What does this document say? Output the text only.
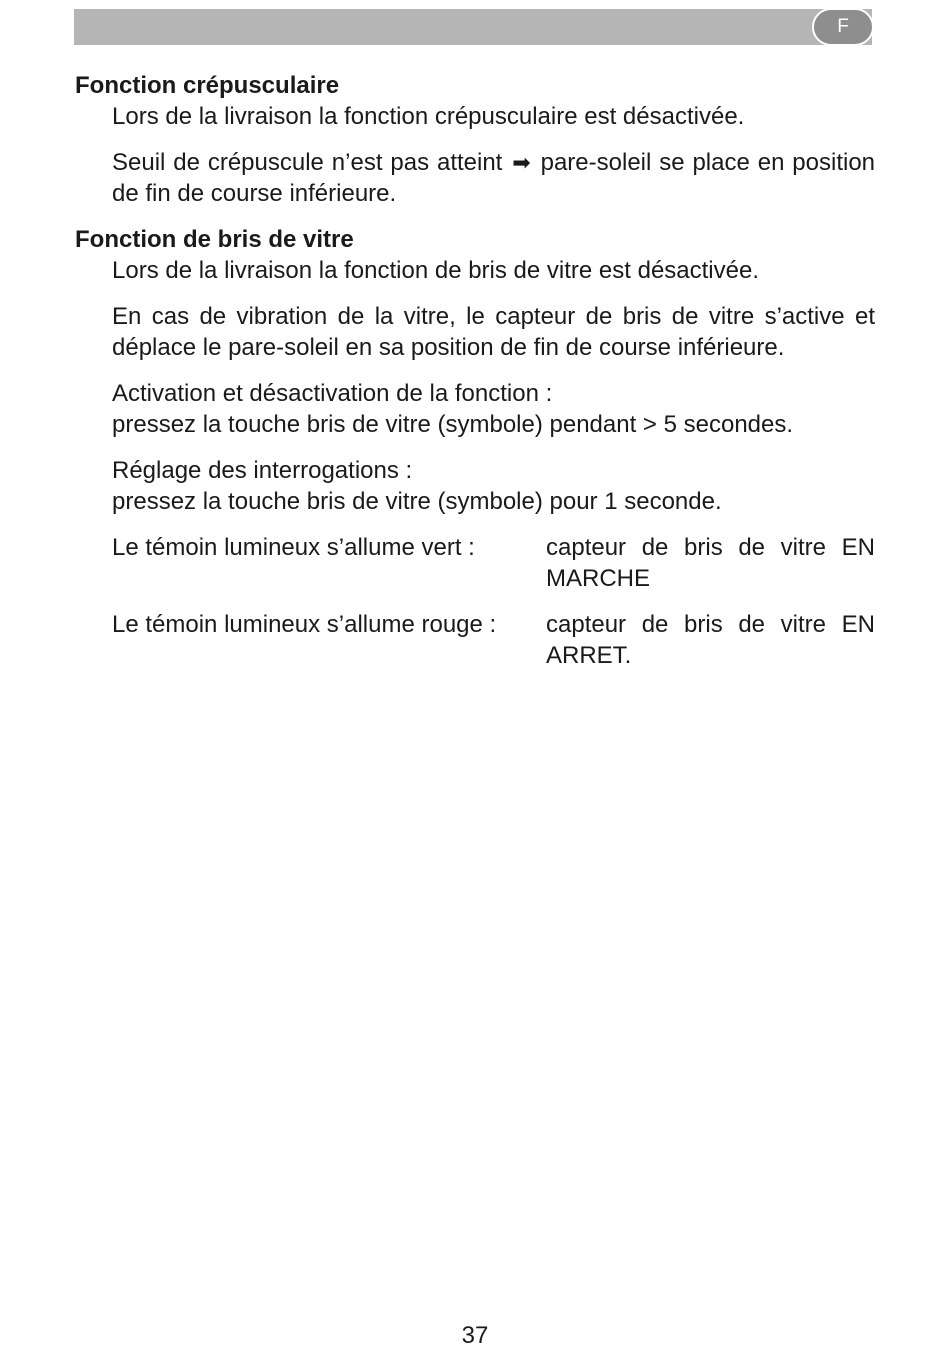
F

Fonction crépusculaire

Lors de la livraison la fonction crépusculaire est désactivée.

Seuil de crépuscule n’est pas atteint ➡ pare-soleil se place en position de fin de course inférieure.

Fonction de bris de vitre

Lors de la livraison la fonction de bris de vitre est désactivée.

En cas de vibration de la vitre, le capteur de bris de vitre s’active et déplace le pare-soleil en sa position de fin de course inférieure.

Activation et désactivation de la fonction :
pressez la touche bris de vitre (symbole) pendant > 5 secondes.

Réglage des interrogations :
pressez la touche bris de vitre (symbole) pour 1 seconde.

Le témoin lumineux s’allume vert :	capteur de bris de vitre EN MARCHE
Le témoin lumineux s’allume rouge :	capteur de bris de vitre EN ARRET.
37
